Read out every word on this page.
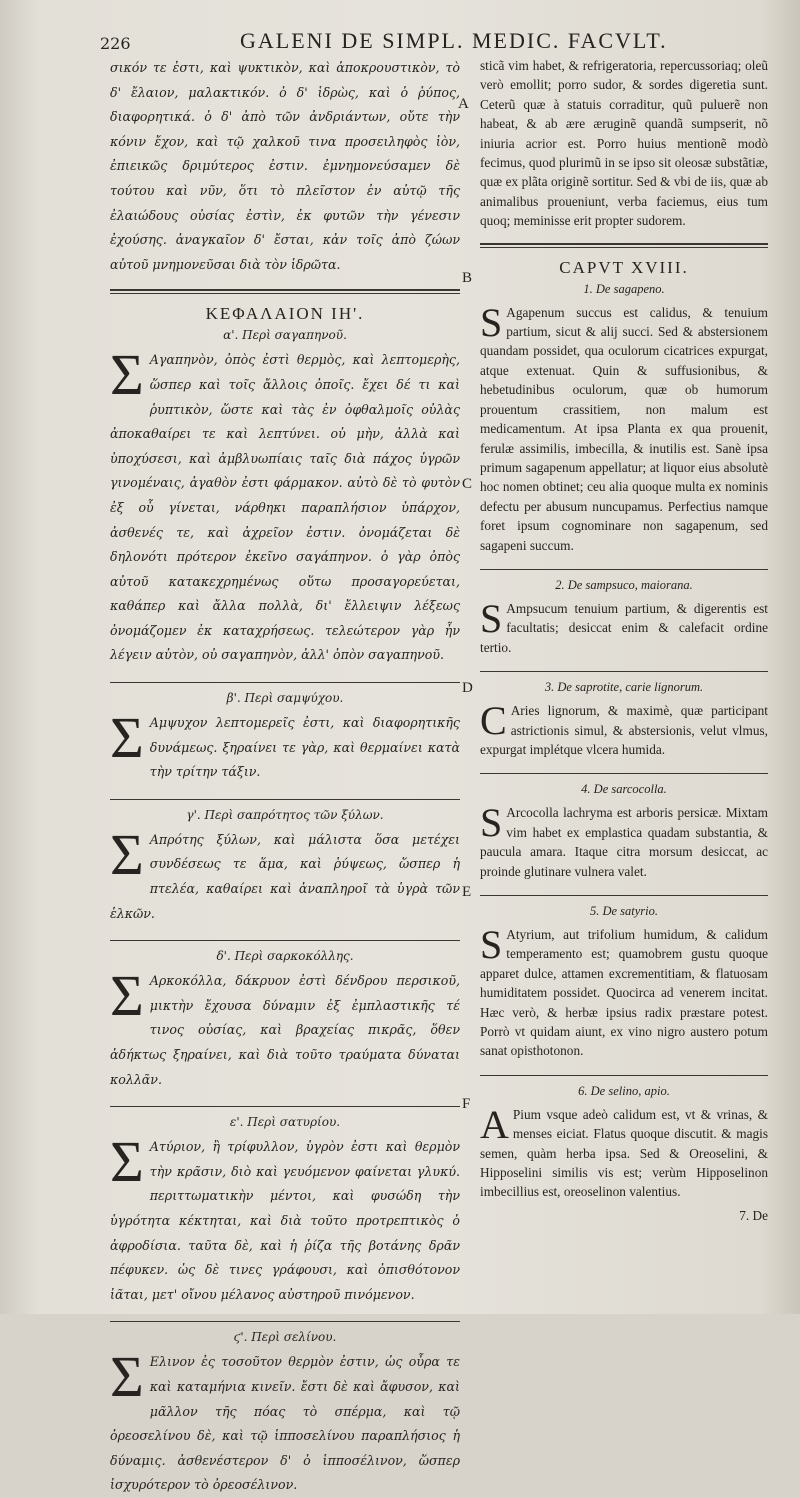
226	GALENI DE SIMPL. MEDIC. FACVLT.
A
B
C
D
E
F

σικόν τε ἐστι, καὶ ψυκτικὸν, καὶ ἀποκρουστικὸν, τὸ δ' ἔλαιον, μαλακτικόν. ὁ δ' ἱδρὼς, καὶ ὁ ῥύπος, διαφορητικά. ὁ δ' ἀπὸ τῶν ἀνδριάντων, οὔτε τὴν κόνιν ἔχον, καὶ τῷ χαλκοῦ τινα προσειληφὸς ἰὸν, ἐπιεικῶς δριμύτερος ἐστιν. ἐμνημονεύσαμεν δὲ τούτου καὶ νῦν, ὅτι τὸ πλεῖστον ἐν αὐτῷ τῆς ἐλαιώδους οὐσίας ἐστὶν, ἐκ φυτῶν τὴν γένεσιν ἐχούσης. ἀναγκαῖον δ' ἔσται, κἀν τοῖς ἀπὸ ζώων αὐτοῦ μνημονεῦσαι διὰ τὸν ἱδρῶτα.

ΚΕΦΑΛΑΙΟΝ ΙΗ'.
α'. Περὶ σαγαπηνοῦ.

Σ Αγαπηνὸν, ὀπὸς ἐστὶ θερμὸς, καὶ λεπτομερὴς, ὥσπερ καὶ τοῖς ἄλλοις ὀποῖς. ἔχει δέ τι καὶ ῥυπτικὸν, ὥστε καὶ τὰς ἐν ὀφθαλμοῖς οὐλὰς ἀποκαθαίρει τε καὶ λεπτύνει. οὐ μὴν, ἀλλὰ καὶ ὑποχύσεσι, καὶ ἀμβλυωπίαις ταῖς διὰ πάχος ὑγρῶν γινομέναις, ἀγαθὸν ἐστι φάρμακον. αὐτὸ δὲ τὸ φυτὸν ἐξ οὗ γίνεται, νάρθηκι παραπλήσιον ὑπάρχον, ἀσθενές τε, καὶ ἀχρεῖον ἐστιν. ὀνομάζεται δὲ δηλονότι πρότερον ἐκεῖνο σαγάπηνον. ὁ γὰρ ὀπὸς αὐτοῦ κατακεχρημένως οὕτω προσαγορεύεται, καθάπερ καὶ ἄλλα πολλὰ, δι' ἔλλειψιν λέξεως ὀνομάζομεν ἐκ καταχρήσεως. τελεώτερον γὰρ ἦν λέγειν αὐτὸν, οὐ σαγαπηνὸν, ἀλλ' ὀπὸν σαγαπηνοῦ.

β'. Περὶ σαμψύχου.

Σ Αμψυχον λεπτομερεῖς ἐστι, καὶ διαφορητικῆς δυνάμεως. ξηραίνει τε γὰρ, καὶ θερμαίνει κατὰ τὴν τρίτην τάξιν.

γ'. Περὶ σαπρότητος τῶν ξύλων.

Σ Απρότης ξύλων, καὶ μάλιστα ὅσα μετέχει συνδέσεως τε ἅμα, καὶ ῥύψεως, ὥσπερ ἡ πτελέα, καθαίρει καὶ ἀναπληροῖ τὰ ὑγρὰ τῶν ἑλκῶν.

δ'. Περὶ σαρκοκόλλης.

Σ Αρκοκόλλα, δάκρυον ἐστὶ δένδρου περσικοῦ, μικτὴν ἔχουσα δύναμιν ἐξ ἐμπλαστικῆς τέ τινος οὐσίας, καὶ βραχείας πικρᾶς, ὅθεν ἀδήκτως ξηραίνει, καὶ διὰ τοῦτο τραύματα δύναται κολλᾶν.

ε'. Περὶ σατυρίου.

Σ Ατύριον, ἢ τρίφυλλον, ὑγρὸν ἐστι καὶ θερμὸν τὴν κρᾶσιν, διὸ καὶ γευόμενον φαίνεται γλυκύ. περιττωματικὴν μέντοι, καὶ φυσώδη τὴν ὑγρότητα κέκτηται, καὶ διὰ τοῦτο προτρεπτικὸς ὁ ἀφροδίσια. ταῦτα δὲ, καὶ ἡ ῥίζα τῆς βοτάνης δρᾶν πέφυκεν. ὡς δὲ τινες γράφουσι, καὶ ὀπισθότονον ἰᾶται, μετ' οἴνου μέλανος αὐστηροῦ πινόμενον.

ϛ'. Περὶ σελίνου.

Σ Ελινον ἐς τοσοῦτον θερμὸν ἐστιν, ὡς οὖρα τε καὶ καταμήνια κινεῖν. ἔστι δὲ καὶ ἄφυσον, καὶ μᾶλλον τῆς πόας τὸ σπέρμα, καὶ τῷ ὀρεοσελίνου δὲ, καὶ τῷ ἱπποσελίνου παραπλήσιος ἡ δύναμις. ἀσθενέστερον δ' ὁ ἱπποσέλινον, ὥσπερ ἰσχυρότερον τὸ ὀρεοσέλινον.

sticã vim habet, & refrigeratoria, repercussoriaq; oleũ verò emollit; porro sudor, & sordes digeretia sunt. Ceterũ quæ à statuis corraditur, quũ puluerẽ non habeat, & ab ære æruginẽ quandã sumpserit, nõ iniuria acrior est. Porro huius mentionẽ modò fecimus, quod plurimũ in se ipso sit oleosæ substãtiæ, quæ ex plãta originẽ sortitur. Sed & vbi de iis, quæ ab animalibus proueniunt, verba faciemus, eius tum quoq; meminisse erit propter sudorem.

CAPVT XVIII.
1. De sagapeno.

S Agapenum succus est calidus, & tenuium partium, sicut & alij succi. Sed & abstersionem quandam possidet, qua oculorum cicatrices expurgat, atque extenuat. Quin & suffusionibus, & hebetudinibus oculorum, quæ ob humorum prouentum crassitiem, non malum est medicamentum. At ipsa Planta ex qua prouenit, ferulæ assimilis, imbecilla, & inutilis est. Sanè ipsa primum sagapenum appellatur; at liquor eius absolutè hoc nomen obtinet; ceu alia quoque multa ex nominis defectu per abusum nuncupamus. Perfectius namque foret ipsum cognominare non sagapenum, sed sagapeni succum.

2. De sampsuco, maiorana.

S Ampsucum tenuium partium, & digerentis est facultatis; desiccat enim & calefacit ordine tertio.

3. De saprotite, carie lignorum.

C Aries lignorum, & maximè, quæ participant astrictionis simul, & abstersionis, velut vlmus, expurgat implétque vlcera humida.

4. De sarcocolla.

S Arcocolla lachryma est arboris persicæ. Mixtam vim habet ex emplastica quadam substantia, & paucula amara. Itaque citra morsum desiccat, ac proinde glutinare vulnera valet.

5. De satyrio.

S Atyrium, aut trifolium humidum, & calidum temperamento est; quamobrem gustu quoque apparet dulce, attamen excrementitiam, & flatuosam humiditatem possidet. Quocirca ad venerem incitat. Hæc verò, & herbæ ipsius radix præstare potest. Porrò vt quidam aiunt, ex vino nigro austero potum sanat opisthotonon.

6. De selino, apio.

A Pium vsque adeò calidum est, vt & vrinas, & menses eiciat. Flatus quoque discutit. & magis semen, quàm herba ipsa. Sed & Oreoselini, & Hipposelini similis vis est; verùm Hipposelinon imbecillius est, oreoselinon valentius.

7. De
